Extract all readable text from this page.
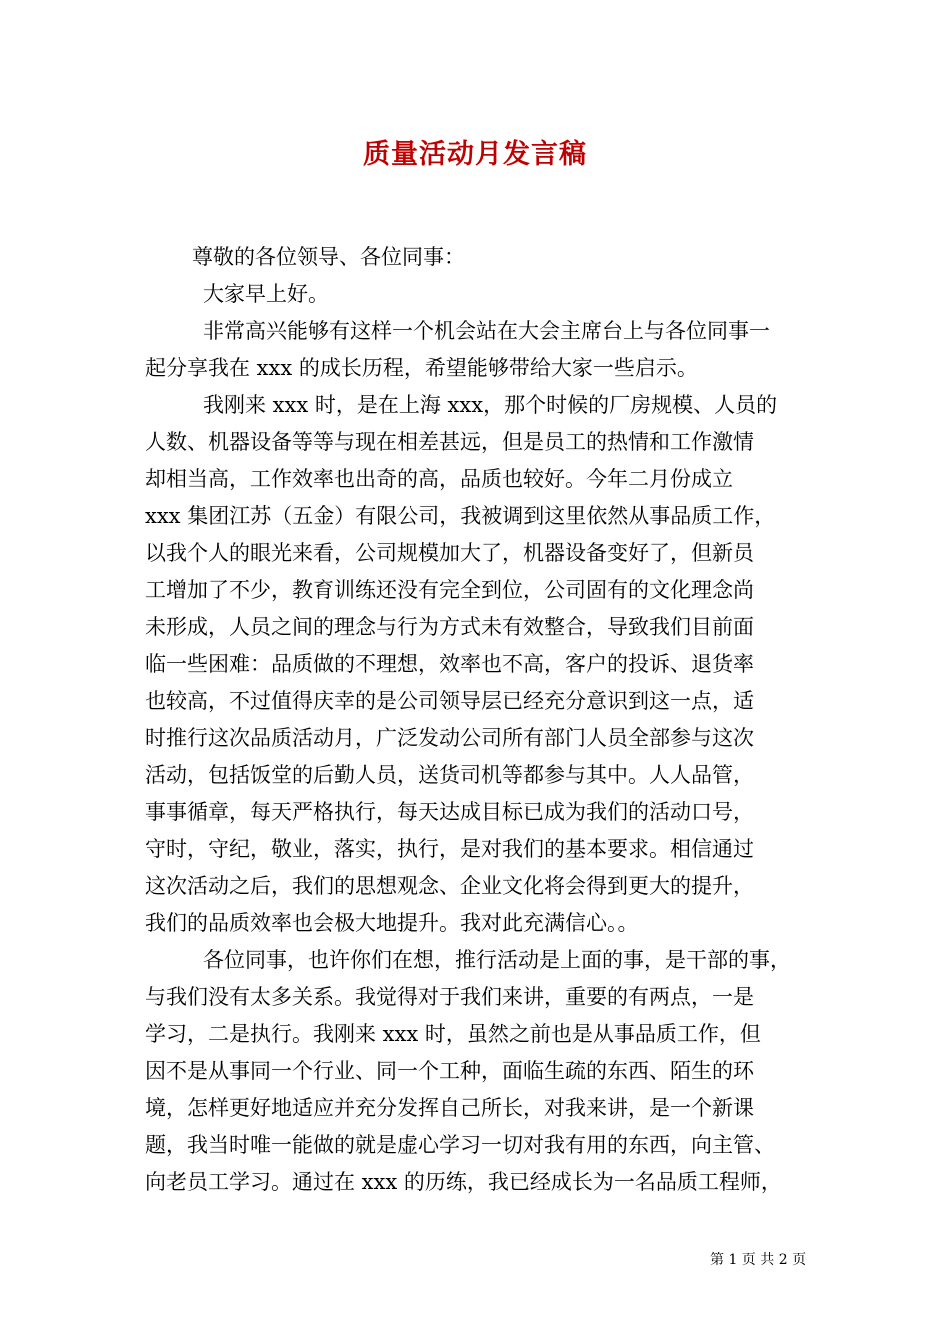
质量活动月发言稿
尊敬的各位领导、各位同事：
大家早上好。
非常高兴能够有这样一个机会站在大会主席台上与各位同事一
起分享我在 xxx 的成长历程，希望能够带给大家一些启示。
我刚来 xxx 时，是在上海 xxx，那个时候的厂房规模、人员的
人数、机器设备等等与现在相差甚远，但是员工的热情和工作激情
却相当高，工作效率也出奇的高，品质也较好。今年二月份成立
xxx 集团江苏（五金）有限公司，我被调到这里依然从事品质工作，
以我个人的眼光来看，公司规模加大了，机器设备变好了，但新员
工增加了不少，教育训练还没有完全到位，公司固有的文化理念尚
未形成，人员之间的理念与行为方式未有效整合，导致我们目前面
临一些困难：品质做的不理想，效率也不高，客户的投诉、退货率
也较高，不过值得庆幸的是公司领导层已经充分意识到这一点，适
时推行这次品质活动月，广泛发动公司所有部门人员全部参与这次
活动，包括饭堂的后勤人员，送货司机等都参与其中。人人品管，
事事循章，每天严格执行，每天达成目标已成为我们的活动口号，
守时，守纪，敬业，落实，执行，是对我们的基本要求。相信通过
这次活动之后，我们的思想观念、企业文化将会得到更大的提升，
我们的品质效率也会极大地提升。我对此充满信心。。
各位同事，也许你们在想，推行活动是上面的事，是干部的事，
与我们没有太多关系。我觉得对于我们来讲，重要的有两点，一是
学习，二是执行。我刚来 xxx 时，虽然之前也是从事品质工作，但
因不是从事同一个行业、同一个工种，面临生疏的东西、陌生的环
境，怎样更好地适应并充分发挥自己所长，对我来讲，是一个新课
题，我当时唯一能做的就是虚心学习一切对我有用的东西，向主管、
向老员工学习。通过在 xxx 的历练，我已经成长为一名品质工程师，
第 1 页 共 2 页
